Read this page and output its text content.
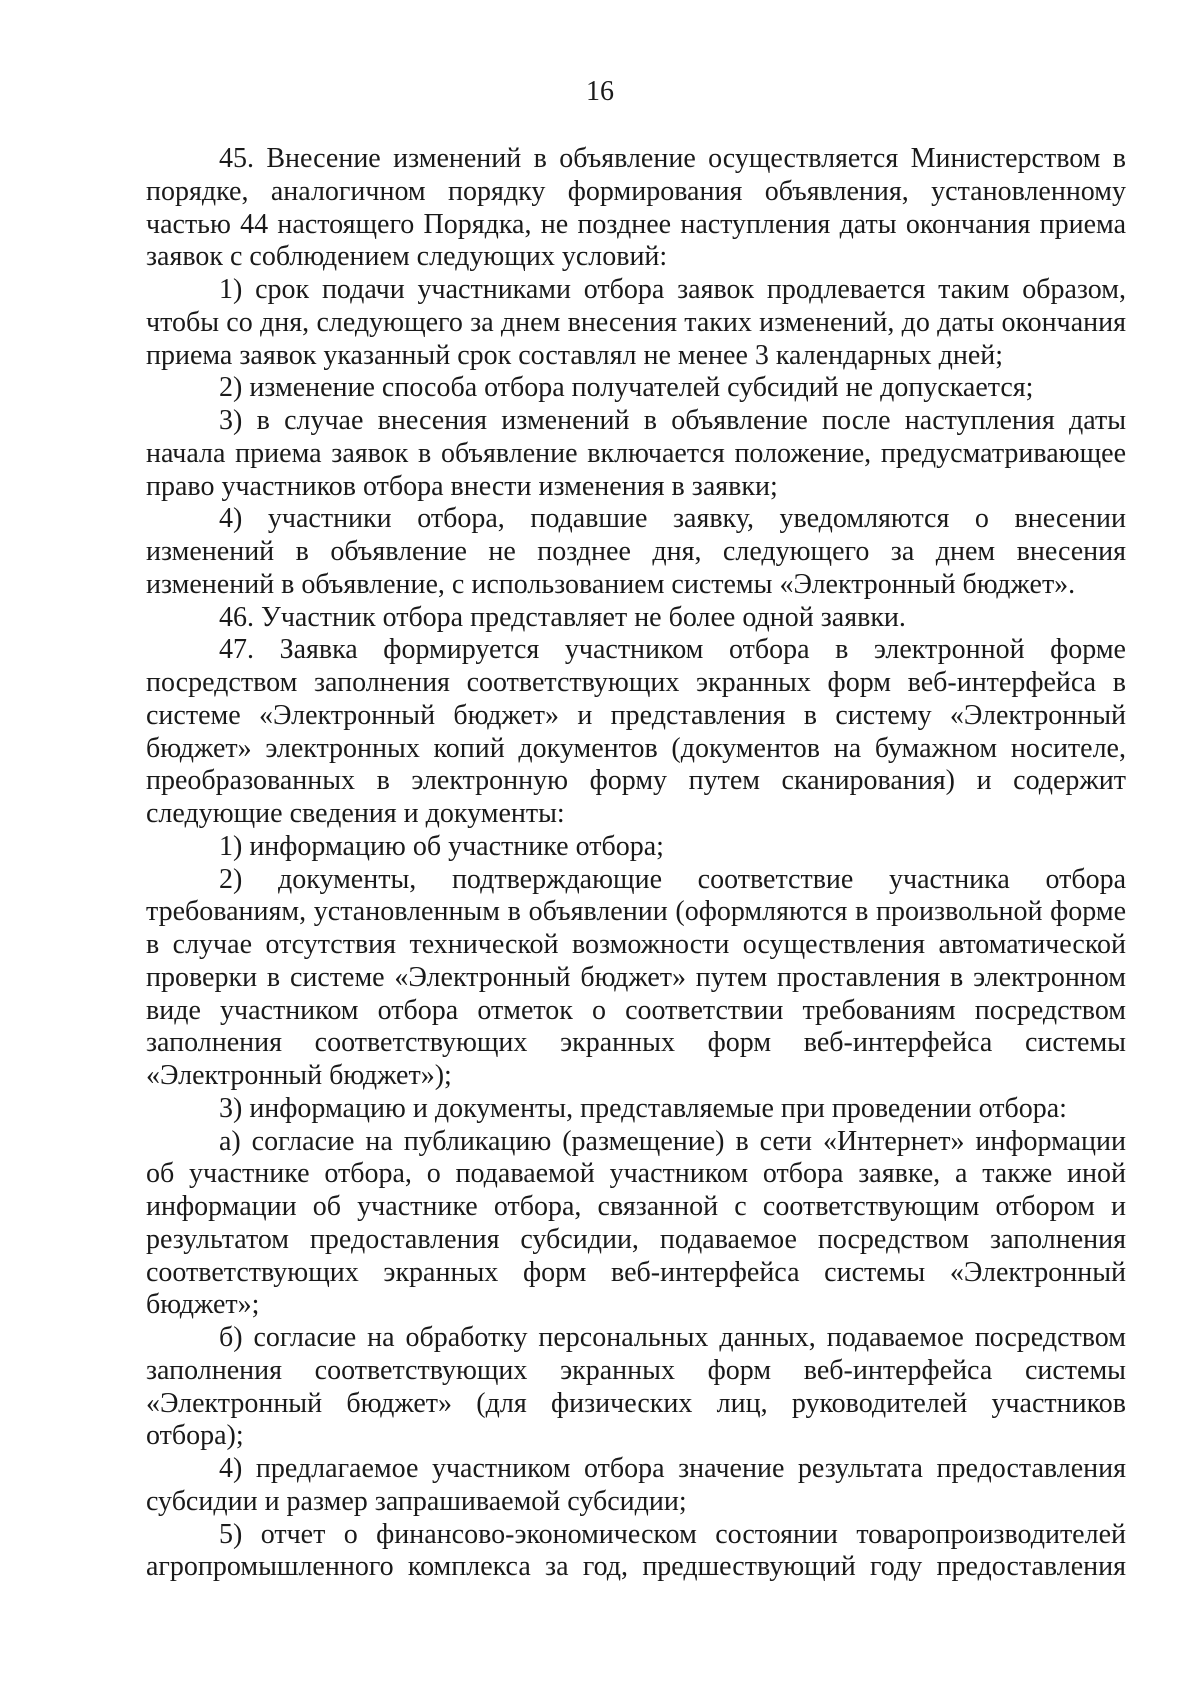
16

45. Внесение изменений в объявление осуществляется Министерством в порядке, аналогичном порядку формирования объявления, установленному частью 44 настоящего Порядка, не позднее наступления даты окончания приема заявок с соблюдением следующих условий:

1) срок подачи участниками отбора заявок продлевается таким образом, чтобы со дня, следующего за днем внесения таких изменений, до даты окончания приема заявок указанный срок составлял не менее 3 календарных дней;

2) изменение способа отбора получателей субсидий не допускается;

3) в случае внесения изменений в объявление после наступления даты начала приема заявок в объявление включается положение, предусматривающее право участников отбора внести изменения в заявки;

4) участники отбора, подавшие заявку, уведомляются о внесении изменений в объявление не позднее дня, следующего за днем внесения изменений в объявление, с использованием системы «Электронный бюджет».

46. Участник отбора представляет не более одной заявки.

47. Заявка формируется участником отбора в электронной форме посредством заполнения соответствующих экранных форм веб-интерфейса в системе «Электронный бюджет» и представления в систему «Электронный бюджет» электронных копий документов (документов на бумажном носителе, преобразованных в электронную форму путем сканирования) и содержит следующие сведения и документы:

1) информацию об участнике отбора;

2) документы, подтверждающие соответствие участника отбора требованиям, установленным в объявлении (оформляются в произвольной форме в случае отсутствия технической возможности осуществления автоматической проверки в системе «Электронный бюджет» путем проставления в электронном виде участником отбора отметок о соответствии требованиям посредством заполнения соответствующих экранных форм веб-интерфейса системы «Электронный бюджет»);

3) информацию и документы, представляемые при проведении отбора:

а) согласие на публикацию (размещение) в сети «Интернет» информации об участнике отбора, о подаваемой участником отбора заявке, а также иной информации об участнике отбора, связанной с соответствующим отбором и результатом предоставления субсидии, подаваемое посредством заполнения соответствующих экранных форм веб-интерфейса системы «Электронный бюджет»;

б) согласие на обработку персональных данных, подаваемое посредством заполнения соответствующих экранных форм веб-интерфейса системы «Электронный бюджет» (для физических лиц, руководителей участников отбора);

4) предлагаемое участником отбора значение результата предоставления субсидии и размер запрашиваемой субсидии;

5) отчет о финансово-экономическом состоянии товаропроизводителей агропромышленного комплекса за год, предшествующий году предоставления
